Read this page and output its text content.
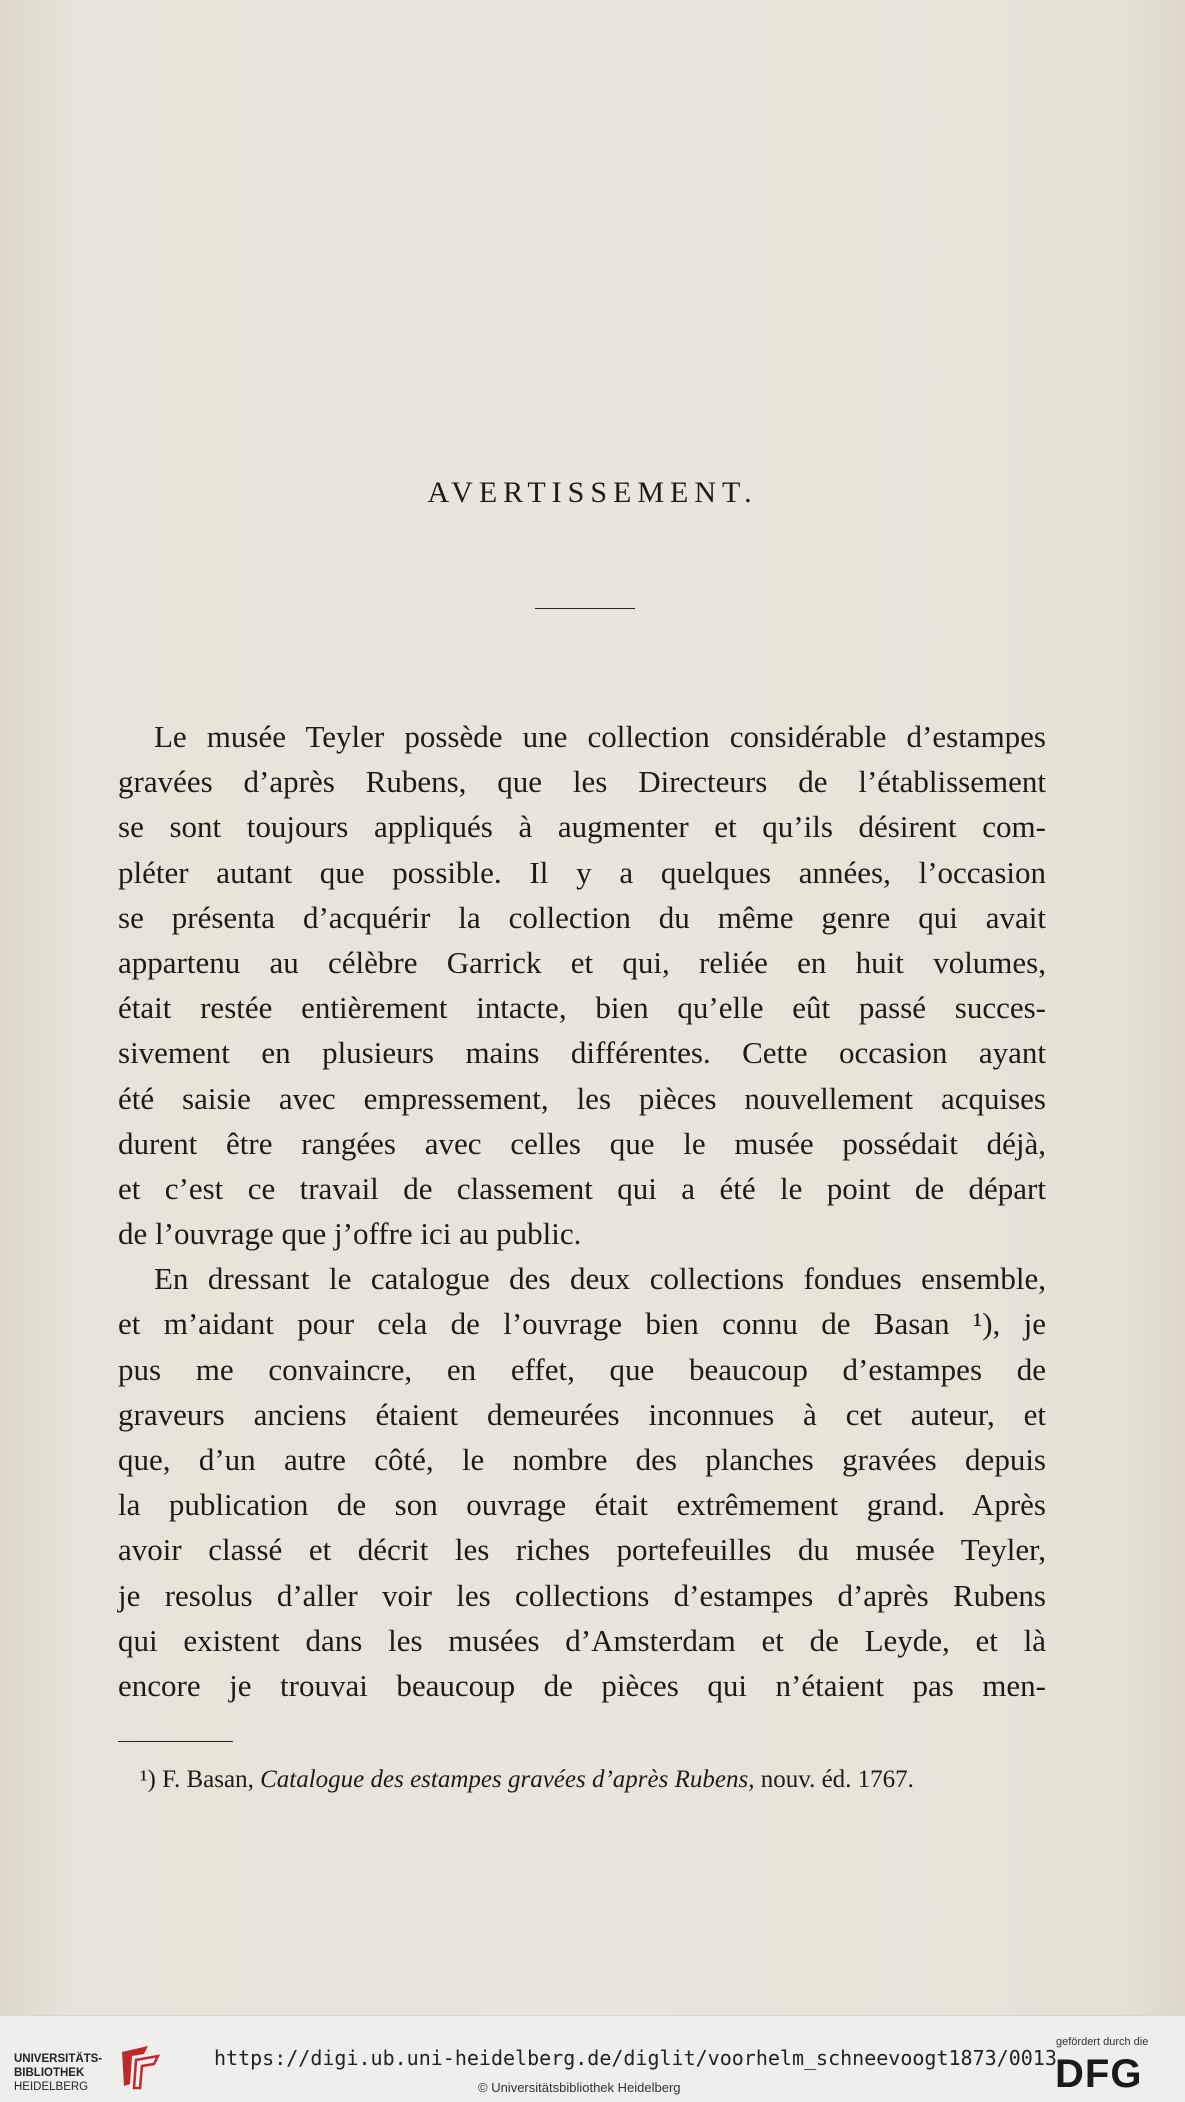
AVERTISSEMENT.
Le musée Teyler possède une collection considérable d’estampes
gravées d’après Rubens, que les Directeurs de l’établissement
se sont toujours appliqués à augmenter et qu’ils désirent com-
pléter autant que possible. Il y a quelques années, l’occasion
se présenta d’acquérir la collection du même genre qui avait
appartenu au célèbre Garrick et qui, reliée en huit volumes,
était restée entièrement intacte, bien qu’elle eût passé succes-
sivement en plusieurs mains différentes. Cette occasion ayant
été saisie avec empressement, les pièces nouvellement acquises
durent être rangées avec celles que le musée possédait déjà,
et c’est ce travail de classement qui a été le point de départ
de l’ouvrage que j’offre ici au public.
En dressant le catalogue des deux collections fondues ensemble,
et m’aidant pour cela de l’ouvrage bien connu de Basan ¹), je
pus me convaincre, en effet, que beaucoup d’estampes de
graveurs anciens étaient demeurées inconnues à cet auteur, et
que, d’un autre côté, le nombre des planches gravées depuis
la publication de son ouvrage était extrêmement grand. Après
avoir classé et décrit les riches portefeuilles du musée Teyler,
je resolus d’aller voir les collections d’estampes d’après Rubens
qui existent dans les musées d’Amsterdam et de Leyde, et là
encore je trouvai beaucoup de pièces qui n’étaient pas men-
¹) F. Basan, Catalogue des estampes gravées d’après Rubens, nouv. éd. 1767.
UNIVERSITÄTS-
BIBLIOTHEK
HEIDELBERG
https://digi.ub.uni-heidelberg.de/diglit/voorhelm_schneevoogt1873/0013
© Universitätsbibliothek Heidelberg
gefördert durch die
DFG
